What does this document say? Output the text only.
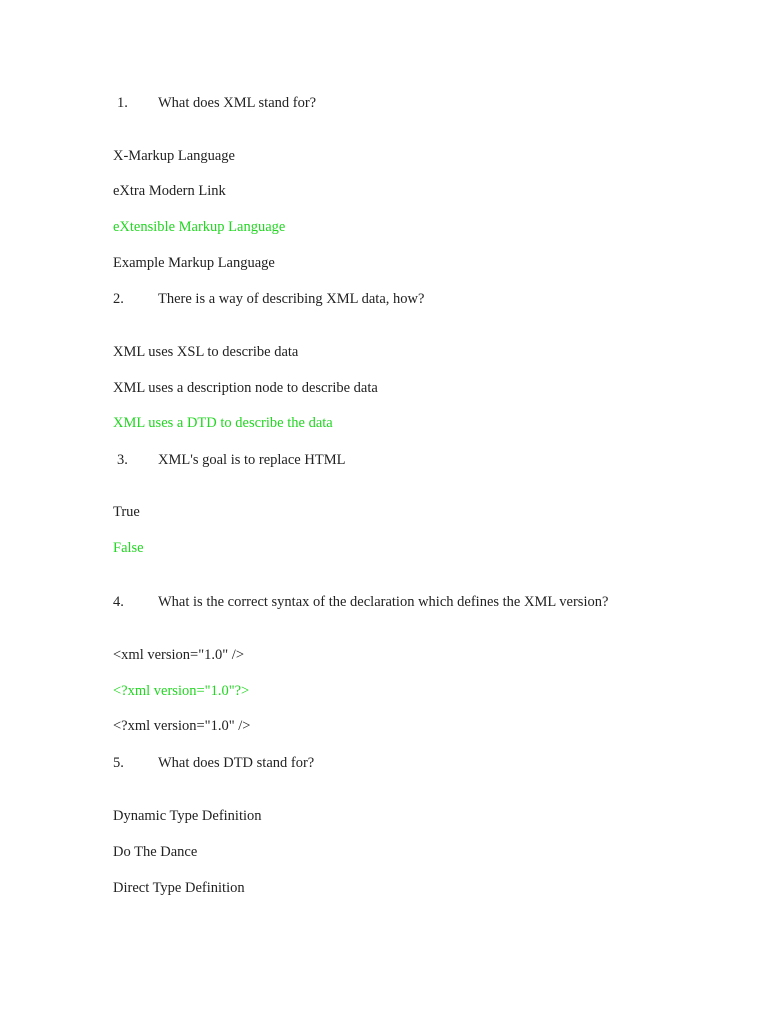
1. What does XML stand for?
X-Markup Language
eXtra Modern Link
eXtensible Markup Language
Example Markup Language
2. There is a way of describing XML data, how?
XML uses XSL to describe data
XML uses a description node to describe data
XML uses a DTD to describe the data
3. XML's goal is to replace HTML
True
False
4. What is the correct syntax of the declaration which defines the XML version?
<xml version="1.0" />
<?xml version="1.0"?>
<?xml version="1.0" />
5. What does DTD stand for?
Dynamic Type Definition
Do The Dance
Direct Type Definition
